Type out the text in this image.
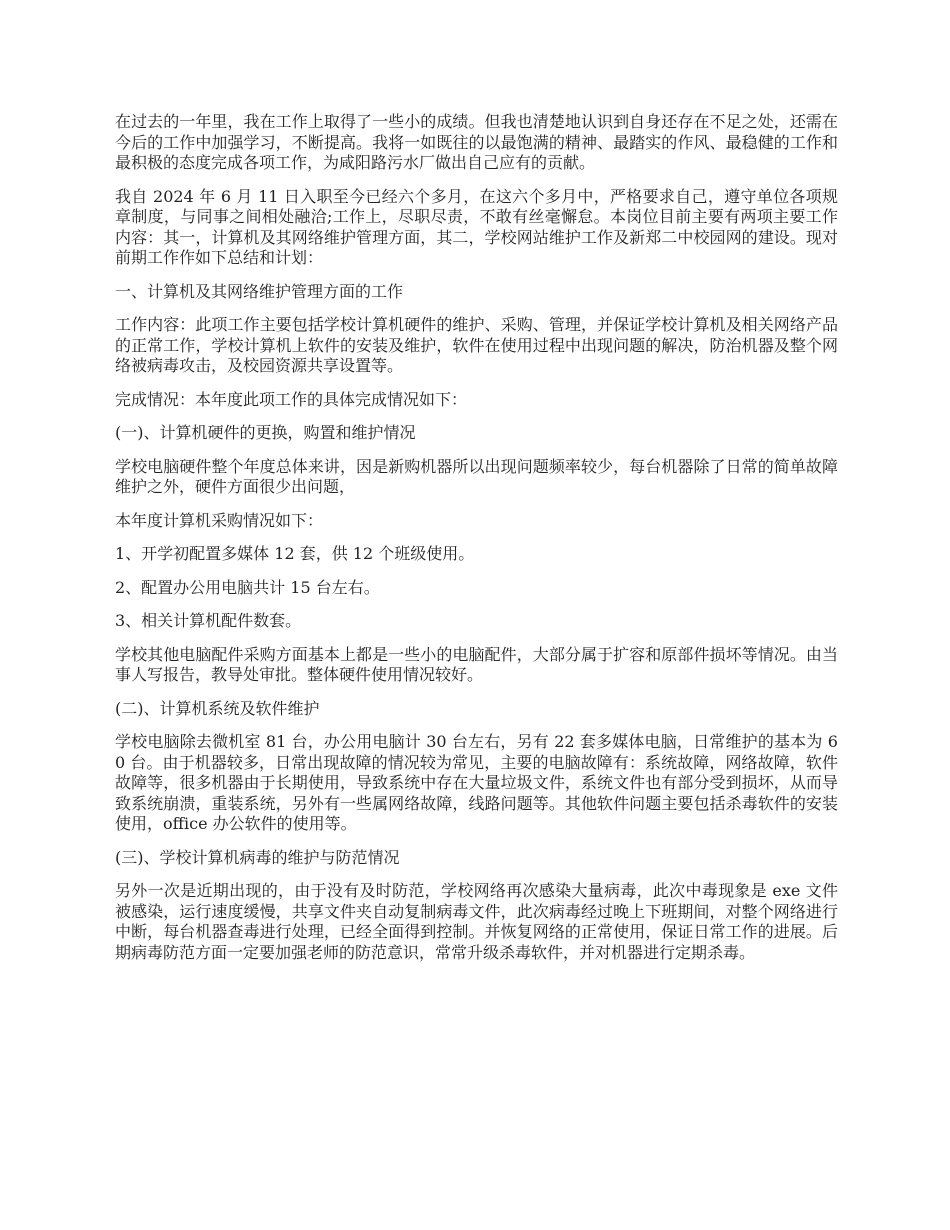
在过去的一年里，我在工作上取得了一些小的成绩。但我也清楚地认识到自身还存在不足之处，还需在今后的工作中加强学习，不断提高。我将一如既往的以最饱满的精神、最踏实的作风、最稳健的工作和最积极的态度完成各项工作，为咸阳路污水厂做出自己应有的贡献。

我自 2024 年 6 月 11 日入职至今已经六个多月，在这六个多月中，严格要求自己，遵守单位各项规章制度，与同事之间相处融洽;工作上，尽职尽责，不敢有丝毫懈怠。本岗位目前主要有两项主要工作内容：其一，计算机及其网络维护管理方面，其二，学校网站维护工作及新郑二中校园网的建设。现对前期工作作如下总结和计划：

一、计算机及其网络维护管理方面的工作

工作内容：此项工作主要包括学校计算机硬件的维护、采购、管理，并保证学校计算机及相关网络产品的正常工作，学校计算机上软件的安装及维护，软件在使用过程中出现问题的解决，防治机器及整个网络被病毒攻击，及校园资源共享设置等。

完成情况：本年度此项工作的具体完成情况如下：

(一)、计算机硬件的更换，购置和维护情况

学校电脑硬件整个年度总体来讲，因是新购机器所以出现问题频率较少，每台机器除了日常的简单故障维护之外，硬件方面很少出问题，

本年度计算机采购情况如下：

1、开学初配置多媒体 12 套，供 12 个班级使用。

2、配置办公用电脑共计 15 台左右。

3、相关计算机配件数套。

学校其他电脑配件采购方面基本上都是一些小的电脑配件，大部分属于扩容和原部件损坏等情况。由当事人写报告，教导处审批。整体硬件使用情况较好。

(二)、计算机系统及软件维护

学校电脑除去微机室 81 台，办公用电脑计 30 台左右，另有 22 套多媒体电脑，日常维护的基本为 60 台。由于机器较多，日常出现故障的情况较为常见，主要的电脑故障有：系统故障，网络故障，软件故障等，很多机器由于长期使用，导致系统中存在大量垃圾文件，系统文件也有部分受到损坏，从而导致系统崩溃，重装系统，另外有一些属网络故障，线路问题等。其他软件问题主要包括杀毒软件的安装使用，office 办公软件的使用等。

(三)、学校计算机病毒的维护与防范情况

另外一次是近期出现的，由于没有及时防范，学校网络再次感染大量病毒，此次中毒现象是 exe 文件被感染，运行速度缓慢，共享文件夹自动复制病毒文件，此次病毒经过晚上下班期间，对整个网络进行中断，每台机器查毒进行处理，已经全面得到控制。并恢复网络的正常使用，保证日常工作的进展。后期病毒防范方面一定要加强老师的防范意识，常常升级杀毒软件，并对机器进行定期杀毒。
